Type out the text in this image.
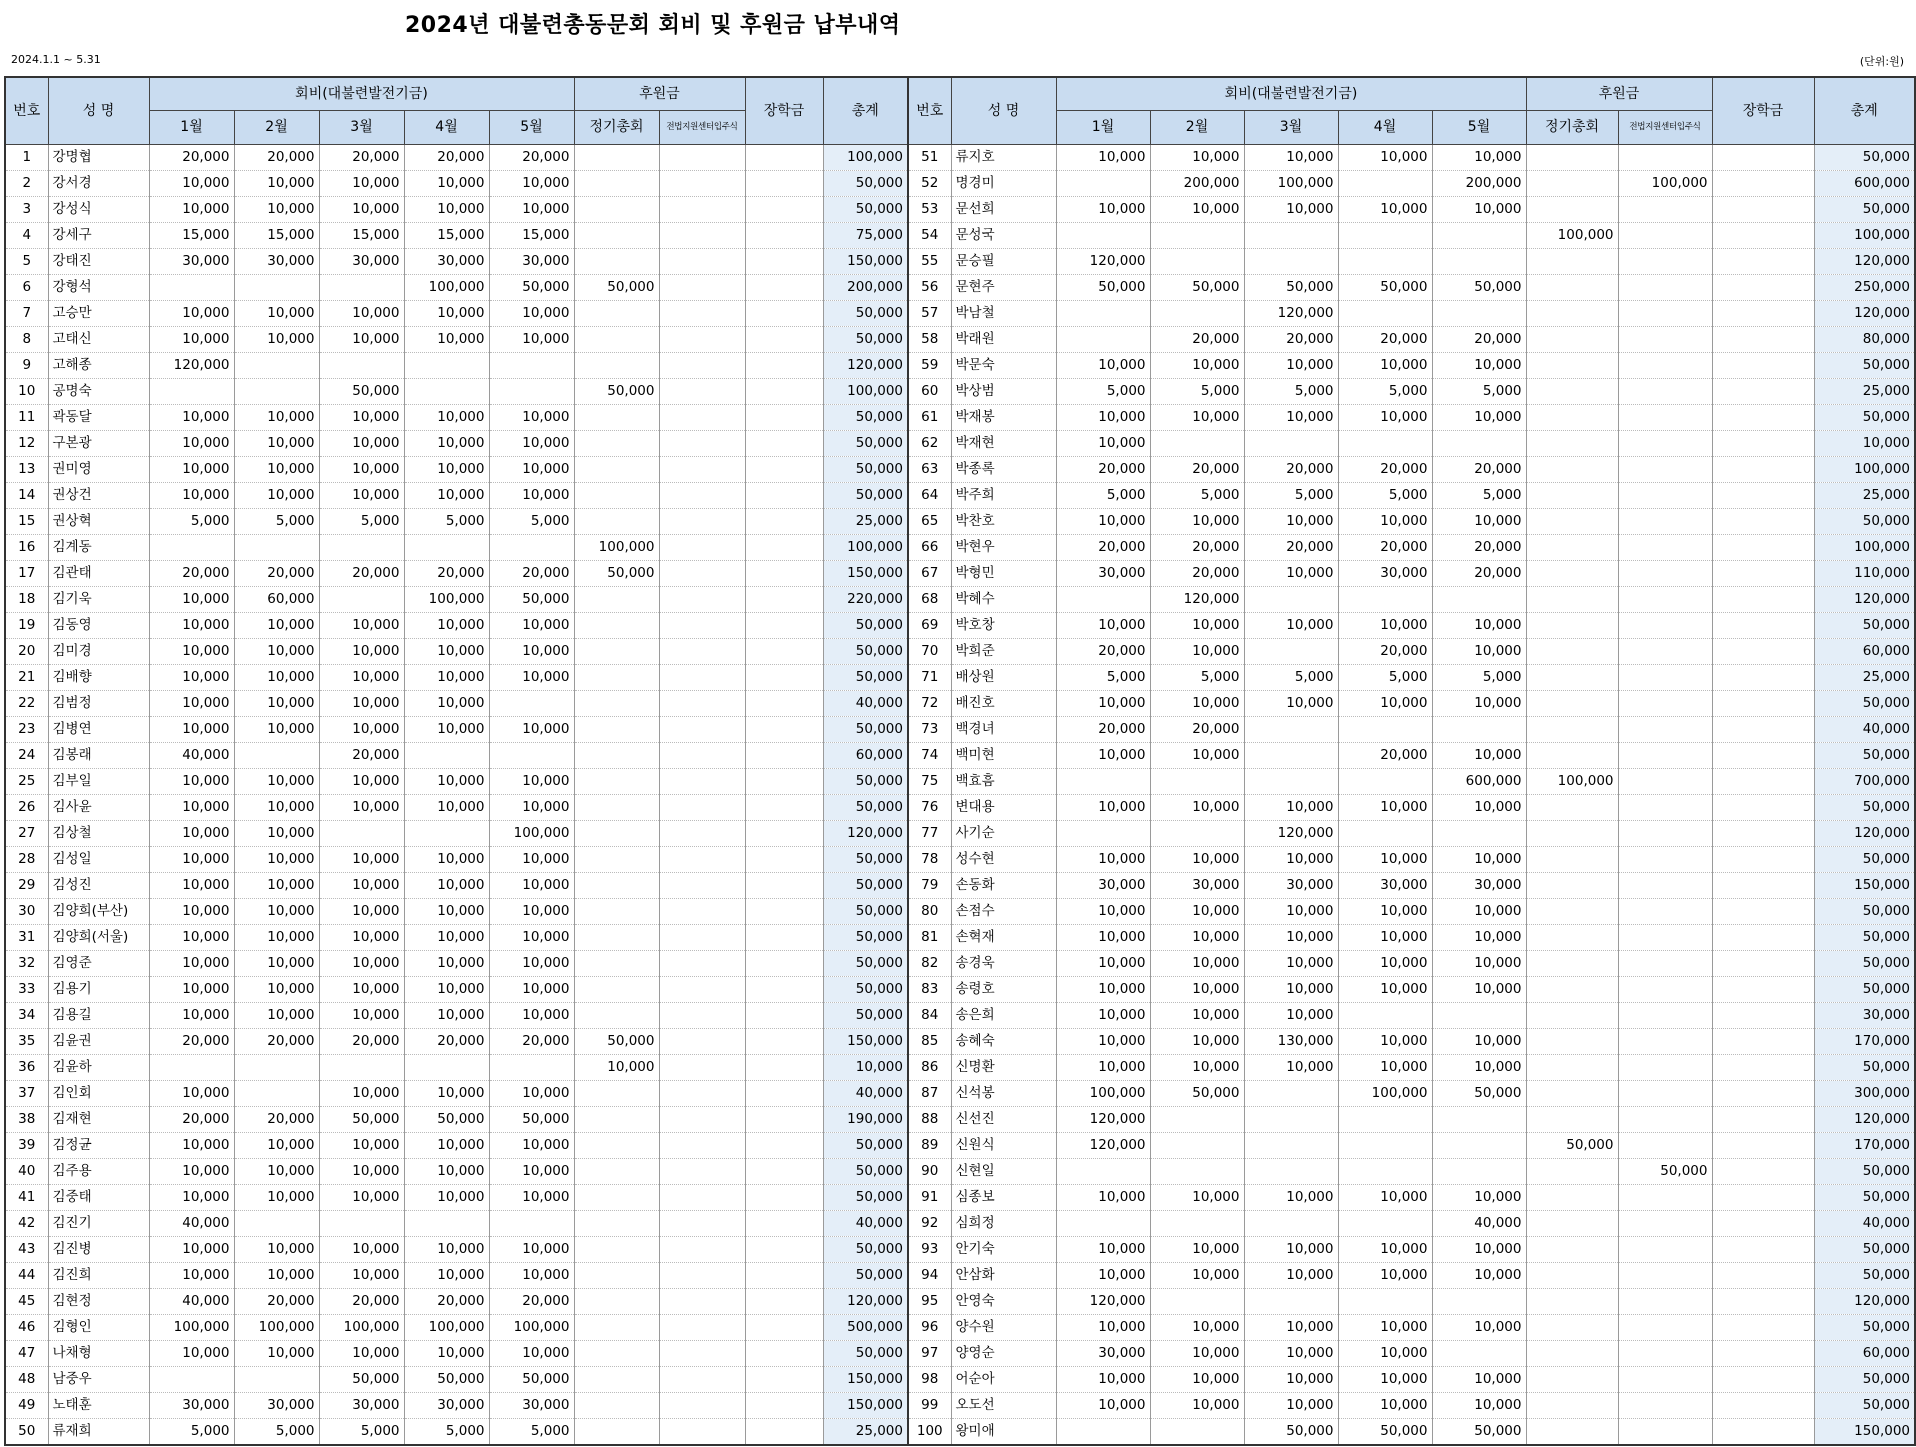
2024년 대불련총동문회 회비 및 후원금 납부내역
2024.1.1 ~ 5.31	(단위:원)
번호	성 명	회비(대불련발전기금)					후원금		장학금	총계	번호	성 명	회비(대불련발전기금)					후원금		장학금	총계
		1월	2월	3월	4월	5월	정기총회	전법지원센터입주식					1월	2월	3월	4월	5월	정기총회	전법지원센터입주식		
1	강명협	20,000	20,000	20,000	20,000	20,000				100,000	51	류지호	10,000	10,000	10,000	10,000	10,000				50,000
2	강서경	10,000	10,000	10,000	10,000	10,000				50,000	52	명경미		200,000	100,000		200,000		100,000		600,000
3	강성식	10,000	10,000	10,000	10,000	10,000				50,000	53	문선희	10,000	10,000	10,000	10,000	10,000				50,000
4	강세구	15,000	15,000	15,000	15,000	15,000				75,000	54	문성국						100,000			100,000
5	강태진	30,000	30,000	30,000	30,000	30,000				150,000	55	문승필	120,000								120,000
6	강형석				100,000	50,000	50,000			200,000	56	문현주	50,000	50,000	50,000	50,000	50,000				250,000
7	고승만	10,000	10,000	10,000	10,000	10,000				50,000	57	박남철			120,000						120,000
8	고태신	10,000	10,000	10,000	10,000	10,000				50,000	58	박래원		20,000	20,000	20,000	20,000				80,000
9	고해종	120,000								120,000	59	박문숙	10,000	10,000	10,000	10,000	10,000				50,000
10	공명숙			50,000			50,000			100,000	60	박상범	5,000	5,000	5,000	5,000	5,000				25,000
11	곽동달	10,000	10,000	10,000	10,000	10,000				50,000	61	박재봉	10,000	10,000	10,000	10,000	10,000				50,000
12	구본광	10,000	10,000	10,000	10,000	10,000				50,000	62	박재현	10,000								10,000
13	권미영	10,000	10,000	10,000	10,000	10,000				50,000	63	박종록	20,000	20,000	20,000	20,000	20,000				100,000
14	권상건	10,000	10,000	10,000	10,000	10,000				50,000	64	박주희	5,000	5,000	5,000	5,000	5,000				25,000
15	권상혁	5,000	5,000	5,000	5,000	5,000				25,000	65	박찬호	10,000	10,000	10,000	10,000	10,000				50,000
16	김계동						100,000			100,000	66	박현우	20,000	20,000	20,000	20,000	20,000				100,000
17	김관태	20,000	20,000	20,000	20,000	20,000	50,000			150,000	67	박형민	30,000	20,000	10,000	30,000	20,000				110,000
18	김기욱	10,000	60,000		100,000	50,000				220,000	68	박혜수		120,000							120,000
19	김동영	10,000	10,000	10,000	10,000	10,000				50,000	69	박호창	10,000	10,000	10,000	10,000	10,000				50,000
20	김미경	10,000	10,000	10,000	10,000	10,000				50,000	70	박희준	20,000	10,000		20,000	10,000				60,000
21	김배향	10,000	10,000	10,000	10,000	10,000				50,000	71	배상원	5,000	5,000	5,000	5,000	5,000				25,000
22	김범정	10,000	10,000	10,000	10,000					40,000	72	배진호	10,000	10,000	10,000	10,000	10,000				50,000
23	김병연	10,000	10,000	10,000	10,000	10,000				50,000	73	백경녀	20,000	20,000							40,000
24	김봉래	40,000		20,000						60,000	74	백미현	10,000	10,000		20,000	10,000				50,000
25	김부일	10,000	10,000	10,000	10,000	10,000				50,000	75	백효흠					600,000	100,000			700,000
26	김사윤	10,000	10,000	10,000	10,000	10,000				50,000	76	변대용	10,000	10,000	10,000	10,000	10,000				50,000
27	김상철	10,000	10,000			100,000				120,000	77	사기순			120,000						120,000
28	김성일	10,000	10,000	10,000	10,000	10,000				50,000	78	성수현	10,000	10,000	10,000	10,000	10,000				50,000
29	김성진	10,000	10,000	10,000	10,000	10,000				50,000	79	손동화	30,000	30,000	30,000	30,000	30,000				150,000
30	김양희(부산)	10,000	10,000	10,000	10,000	10,000				50,000	80	손점수	10,000	10,000	10,000	10,000	10,000				50,000
31	김양희(서울)	10,000	10,000	10,000	10,000	10,000				50,000	81	손혁재	10,000	10,000	10,000	10,000	10,000				50,000
32	김영준	10,000	10,000	10,000	10,000	10,000				50,000	82	송경욱	10,000	10,000	10,000	10,000	10,000				50,000
33	김용기	10,000	10,000	10,000	10,000	10,000				50,000	83	송령호	10,000	10,000	10,000	10,000	10,000				50,000
34	김용길	10,000	10,000	10,000	10,000	10,000				50,000	84	송은희	10,000	10,000	10,000						30,000
35	김윤권	20,000	20,000	20,000	20,000	20,000	50,000			150,000	85	송혜숙	10,000	10,000	130,000	10,000	10,000				170,000
36	김윤하						10,000			10,000	86	신명환	10,000	10,000	10,000	10,000	10,000				50,000
37	김인회	10,000		10,000	10,000	10,000				40,000	87	신석봉	100,000	50,000		100,000	50,000				300,000
38	김재현	20,000	20,000	50,000	50,000	50,000				190,000	88	신선진	120,000								120,000
39	김정균	10,000	10,000	10,000	10,000	10,000				50,000	89	신원식	120,000					50,000			170,000
40	김주용	10,000	10,000	10,000	10,000	10,000				50,000	90	신현일							50,000		50,000
41	김중태	10,000	10,000	10,000	10,000	10,000				50,000	91	심종보	10,000	10,000	10,000	10,000	10,000				50,000
42	김진기	40,000								40,000	92	심희정					40,000				40,000
43	김진병	10,000	10,000	10,000	10,000	10,000				50,000	93	안기숙	10,000	10,000	10,000	10,000	10,000				50,000
44	김진희	10,000	10,000	10,000	10,000	10,000				50,000	94	안삼화	10,000	10,000	10,000	10,000	10,000				50,000
45	김현정	40,000	20,000	20,000	20,000	20,000				120,000	95	안영숙	120,000								120,000
46	김형인	100,000	100,000	100,000	100,000	100,000				500,000	96	양수원	10,000	10,000	10,000	10,000	10,000				50,000
47	나채형	10,000	10,000	10,000	10,000	10,000				50,000	97	양영순	30,000	10,000	10,000	10,000					60,000
48	남중우			50,000	50,000	50,000				150,000	98	어순아	10,000	10,000	10,000	10,000	10,000				50,000
49	노태훈	30,000	30,000	30,000	30,000	30,000				150,000	99	오도선	10,000	10,000	10,000	10,000	10,000				50,000
50	류재희	5,000	5,000	5,000	5,000	5,000				25,000	100	왕미애			50,000	50,000	50,000				150,000
